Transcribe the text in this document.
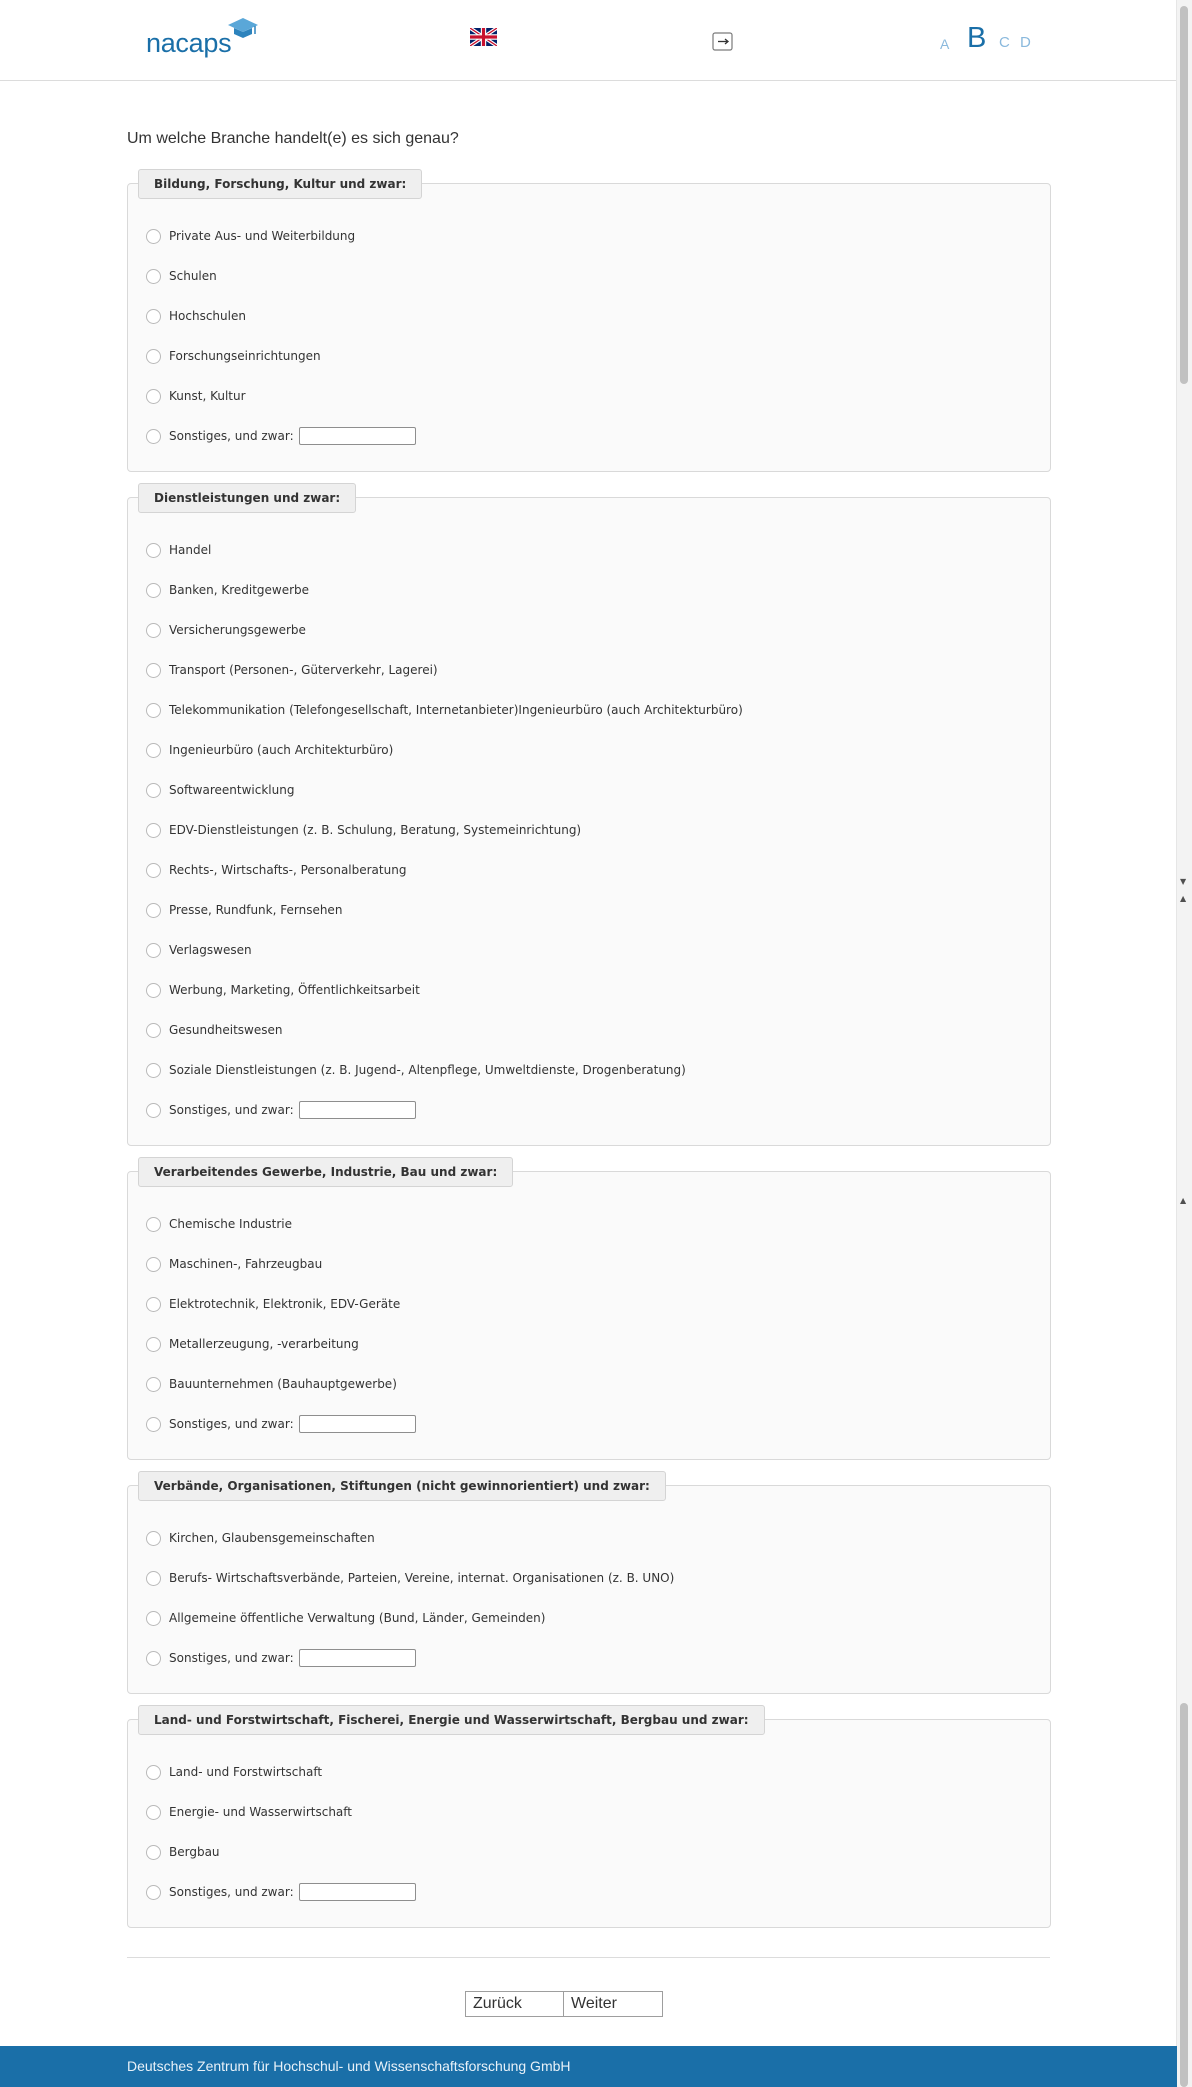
nacaps	A B C D
▼
▲
▲
Um welche Branche handelt(e) es sich genau?
Bildung, Forschung, Kultur und zwar:
Private Aus- und Weiterbildung
Schulen
Hochschulen
Forschungseinrichtungen
Kunst, Kultur
Sonstiges, und zwar:
Dienstleistungen und zwar:
Handel
Banken, Kreditgewerbe
Versicherungsgewerbe
Transport (Personen-, Güterverkehr, Lagerei)
Telekommunikation (Telefongesellschaft, Internetanbieter)Ingenieurbüro (auch Architekturbüro)
Ingenieurbüro (auch Architekturbüro)
Softwareentwicklung
EDV-Dienstleistungen (z. B. Schulung, Beratung, Systemeinrichtung)
Rechts-, Wirtschafts-, Personalberatung
Presse, Rundfunk, Fernsehen
Verlagswesen
Werbung, Marketing, Öffentlichkeitsarbeit
Gesundheitswesen
Soziale Dienstleistungen (z. B. Jugend-, Altenpflege, Umweltdienste, Drogenberatung)
Sonstiges, und zwar:
Verarbeitendes Gewerbe, Industrie, Bau und zwar:
Chemische Industrie
Maschinen-, Fahrzeugbau
Elektrotechnik, Elektronik, EDV-Geräte
Metallerzeugung, -verarbeitung
Bauunternehmen (Bauhauptgewerbe)
Sonstiges, und zwar:
Verbände, Organisationen, Stiftungen (nicht gewinnorientiert) und zwar:
Kirchen, Glaubensgemeinschaften
Berufs- Wirtschaftsverbände, Parteien, Vereine, internat. Organisationen (z. B. UNO)
Allgemeine öffentliche Verwaltung (Bund, Länder, Gemeinden)
Sonstiges, und zwar:
Land- und Forstwirtschaft, Fischerei, Energie und Wasserwirtschaft, Bergbau und zwar:
Land- und Forstwirtschaft
Energie- und Wasserwirtschaft
Bergbau
Sonstiges, und zwar:
Zurück	Weiter
Deutsches Zentrum für Hochschul- und Wissenschaftsforschung GmbH
